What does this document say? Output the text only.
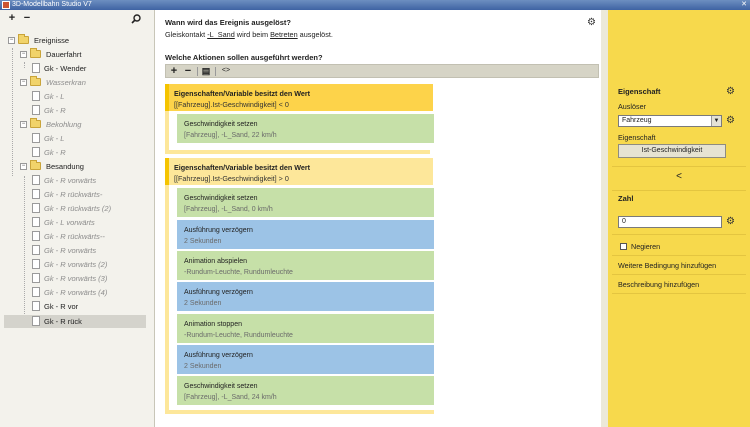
3D-Modellbahn Studio V7	✕
+ −
−	Ereignisse
−	Dauerfahrt
Gk - Wender
−	Wasserkran
Gk - L
Gk - R
−	Bekohlung
Gk - L
Gk - R
−	Besandung
Gk - R vorwärts
Gk - R rückwärts-
Gk - R rückwärts (2)
Gk - L vorwärts
Gk - R rückwärts--
Gk - R vorwärts
Gk - R vorwärts (2)
Gk - R vorwärts (3)
Gk - R vorwärts (4)
Gk - R vor
Gk - R rück
Wann wird das Ereignis ausgelöst?
Gleiskontakt -L_Sand wird beim Betreten ausgelöst.
⚙
Welche Aktionen sollen ausgeführt werden?
+ −	▤	<>
Eigenschaften/Variable besitzt den Wert
[[Fahrzeug].Ist-Geschwindigkeit] < 0
Geschwindigkeit setzen
[Fahrzeug], -L_Sand, 22 km/h
Eigenschaften/Variable besitzt den Wert
[[Fahrzeug].Ist-Geschwindigkeit] > 0
Geschwindigkeit setzen
[Fahrzeug], -L_Sand, 0 km/h
Ausführung verzögern
2 Sekunden
Animation abspielen
-Rundum-Leuchte, Rundumleuchte
Ausführung verzögern
2 Sekunden
Animation stoppen
-Rundum-Leuchte, Rundumleuchte
Ausführung verzögern
2 Sekunden
Geschwindigkeit setzen
[Fahrzeug], -L_Sand, 24 km/h
Eigenschaft	⚙
Auslöser
Fahrzeug	▼ ⚙
Eigenschaft
Ist-Geschwindigkeit
<
Zahl
0	⚙
Negieren
Weitere Bedingung hinzufügen
Beschreibung hinzufügen
